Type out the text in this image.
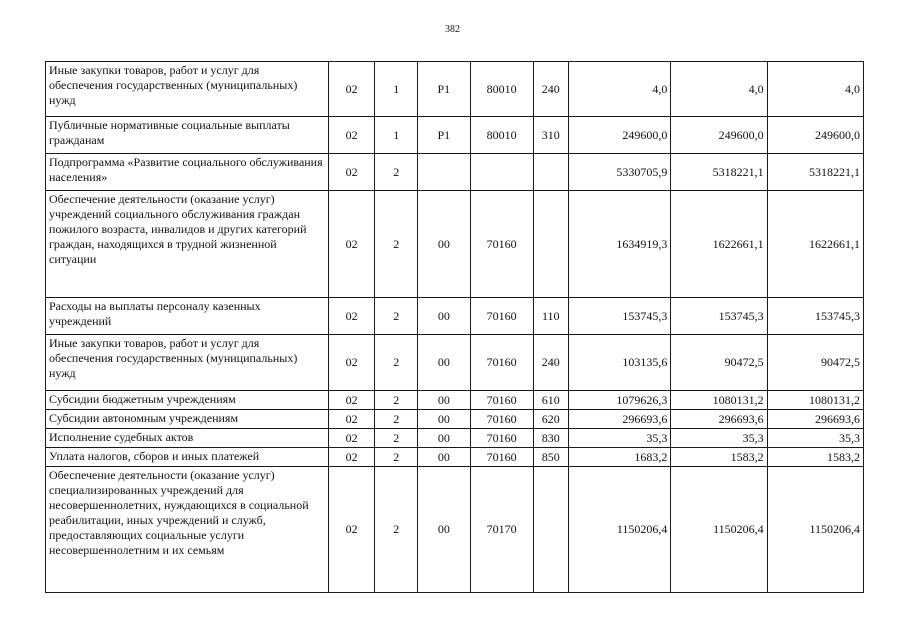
382
Иные закупки товаров, работ и услуг для обеспечения государственных (муниципальных) нужд	02	1	P1	80010	240	4,0	4,0	4,0
Публичные нормативные социальные выплаты гражданам	02	1	P1	80010	310	249600,0	249600,0	249600,0
Подпрограмма «Развитие социального обслуживания населения»	02	2				5330705,9	5318221,1	5318221,1
Обеспечение деятельности (оказание услуг) учреждений социального обслуживания граждан пожилого возраста, инвалидов и других категорий граждан, находящихся в трудной жизненной ситуации	02	2	00	70160		1634919,3	1622661,1	1622661,1
Расходы на выплаты персоналу казенных учреждений	02	2	00	70160	110	153745,3	153745,3	153745,3
Иные закупки товаров, работ и услуг для обеспечения государственных (муниципальных) нужд	02	2	00	70160	240	103135,6	90472,5	90472,5
Субсидии бюджетным учреждениям	02	2	00	70160	610	1079626,3	1080131,2	1080131,2
Субсидии автономным учреждениям	02	2	00	70160	620	296693,6	296693,6	296693,6
Исполнение судебных актов	02	2	00	70160	830	35,3	35,3	35,3
Уплата налогов, сборов и иных платежей	02	2	00	70160	850	1683,2	1583,2	1583,2
Обеспечение деятельности (оказание услуг) специализированных учреждений для несовершеннолетних, нуждающихся в социальной реабилитации, иных учреждений и служб, предоставляющих социальные услуги несовершеннолетним и их семьям	02	2	00	70170		1150206,4	1150206,4	1150206,4
